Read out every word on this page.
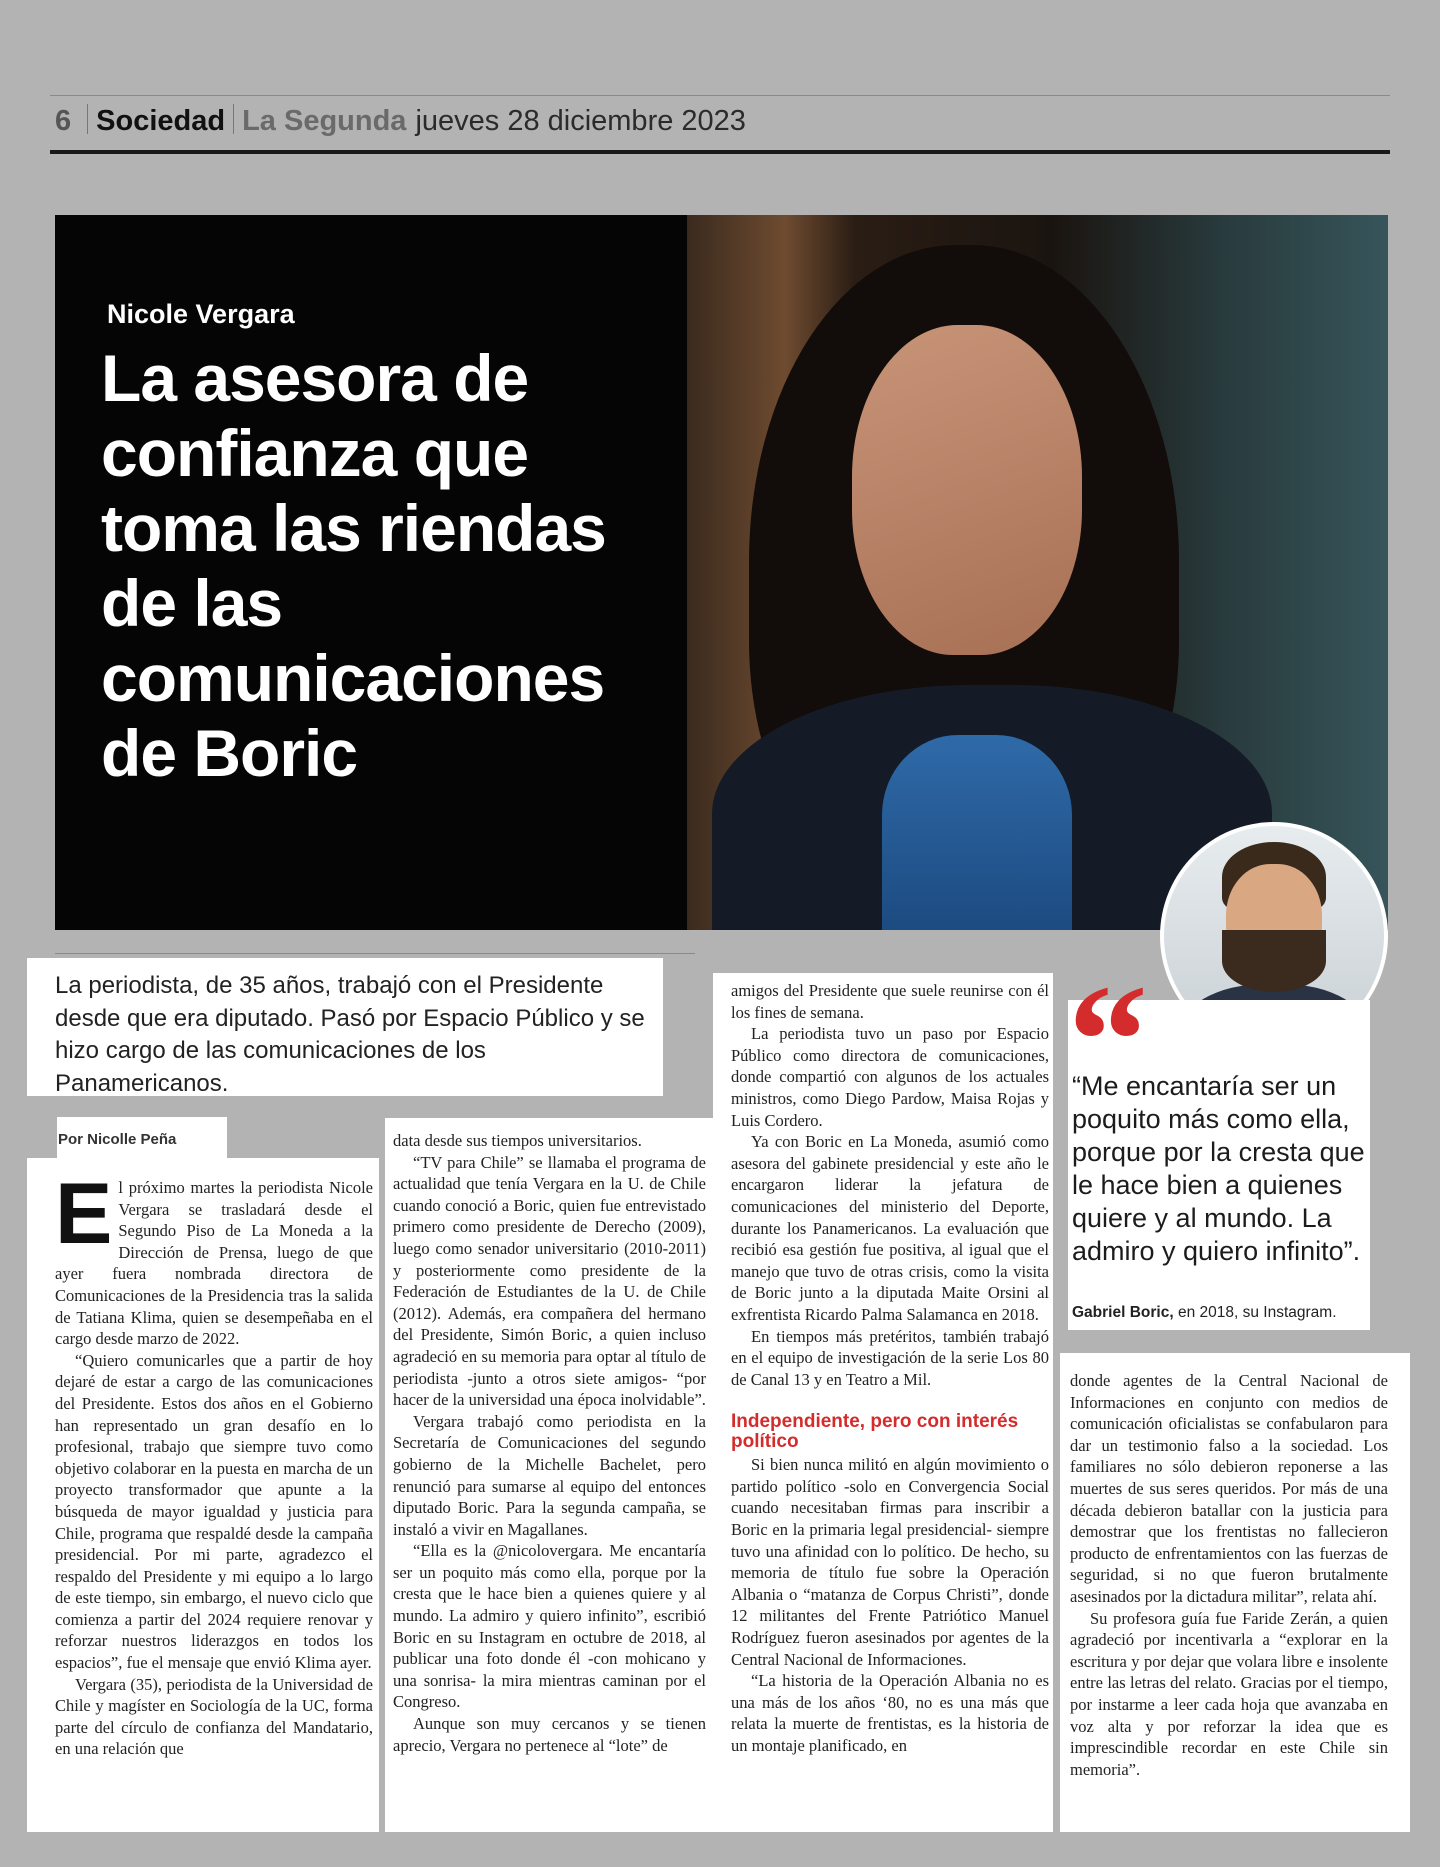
6 Sociedad La Segunda jueves 28 diciembre 2023
Nicole Vergara
La asesora de confianza que toma las riendas de las comunicaciones de Boric

La periodista, de 35 años, trabajó con el Presidente desde que era diputado. Pasó por Espacio Público y se hizo cargo de las comunicaciones de los Panamericanos.

Por Nicolle Peña
E l próximo martes la periodista Nicole Vergara se trasladará desde el Segundo Piso de La Moneda a la Dirección de Prensa, luego de que ayer fuera nombrada directora de Comunicaciones de la Presidencia tras la salida de Tatiana Klima, quien se desempeñaba en el cargo desde marzo de 2022.

“Quiero comunicarles que a partir de hoy dejaré de estar a cargo de las comunicaciones del Presidente. Estos dos años en el Gobierno han representado un gran desafío en lo profesional, trabajo que siempre tuvo como objetivo colaborar en la puesta en marcha de un proyecto transformador que apunte a la búsqueda de mayor igualdad y justicia para Chile, programa que respaldé desde la campaña presidencial. Por mi parte, agradezco el respaldo del Presidente y mi equipo a lo largo de este tiempo, sin embargo, el nuevo ciclo que comienza a partir del 2024 requiere renovar y reforzar nuestros liderazgos en todos los espacios”, fue el mensaje que envió Klima ayer.

Vergara (35), periodista de la Universidad de Chile y magíster en Sociología de la UC, forma parte del círculo de confianza del Mandatario, en una relación que

data desde sus tiempos universitarios.

“TV para Chile” se llamaba el programa de actualidad que tenía Vergara en la U. de Chile cuando conoció a Boric, quien fue entrevistado primero como presidente de Derecho (2009), luego como senador universitario (2010-2011) y posteriormente como presidente de la Federación de Estudiantes de la U. de Chile (2012). Además, era compañera del hermano del Presidente, Simón Boric, a quien incluso agradeció en su memoria para optar al título de periodista -junto a otros siete amigos- “por hacer de la universidad una época inolvidable”.

Vergara trabajó como periodista en la Secretaría de Comunicaciones del segundo gobierno de la Michelle Bachelet, pero renunció para sumarse al equipo del entonces diputado Boric. Para la segunda campaña, se instaló a vivir en Magallanes.

“Ella es la @nicolovergara. Me encantaría ser un poquito más como ella, porque por la cresta que le hace bien a quienes quiere y al mundo. La admiro y quiero infinito”, escribió Boric en su Instagram en octubre de 2018, al publicar una foto donde él -con mohicano y una sonrisa- la mira mientras caminan por el Congreso.

Aunque son muy cercanos y se tienen aprecio, Vergara no pertenece al “lote” de

amigos del Presidente que suele reunirse con él los fines de semana.

La periodista tuvo un paso por Espacio Público como directora de comunicaciones, donde compartió con algunos de los actuales ministros, como Diego Pardow, Maisa Rojas y Luis Cordero.

Ya con Boric en La Moneda, asumió como asesora del gabinete presidencial y este año le encargaron liderar la jefatura de comunicaciones del ministerio del Deporte, durante los Panamericanos. La evaluación que recibió esa gestión fue positiva, al igual que el manejo que tuvo de otras crisis, como la visita de Boric junto a la diputada Maite Orsini al exfrentista Ricardo Palma Salamanca en 2018.

En tiempos más pretéritos, también trabajó en el equipo de investigación de la serie Los 80 de Canal 13 y en Teatro a Mil.

Independiente, pero con interés político

Si bien nunca militó en algún movimiento o partido político -solo en Convergencia Social cuando necesitaban firmas para inscribir a Boric en la primaria legal presidencial- siempre tuvo una afinidad con lo político. De hecho, su memoria de título fue sobre la Operación Albania o “matanza de Corpus Christi”, donde 12 militantes del Frente Patriótico Manuel Rodríguez fueron asesinados por agentes de la Central Nacional de Informaciones.

“La historia de la Operación Albania no es una más de los años ‘80, no es una más que relata la muerte de frentistas, es la historia de un montaje planificado, en

“

“Me encantaría ser un poquito más como ella, porque por la cresta que le hace bien a quienes quiere y al mundo. La admiro y quiero infinito”.

Gabriel Boric, en 2018, su Instagram.

donde agentes de la Central Nacional de Informaciones en conjunto con medios de comunicación oficialistas se confabularon para dar un testimonio falso a la sociedad. Los familiares no sólo debieron reponerse a las muertes de sus seres queridos. Por más de una década debieron batallar con la justicia para demostrar que los frentistas no fallecieron producto de enfrentamientos con las fuerzas de seguridad, si no que fueron brutalmente asesinados por la dictadura militar”, relata ahí.

Su profesora guía fue Faride Zerán, a quien agradeció por incentivarla a “explorar en la escritura y por dejar que volara libre e insolente entre las letras del relato. Gracias por el tiempo, por instarme a leer cada hoja que avanzaba en voz alta y por reforzar la idea que es imprescindible recordar en este Chile sin memoria”.
